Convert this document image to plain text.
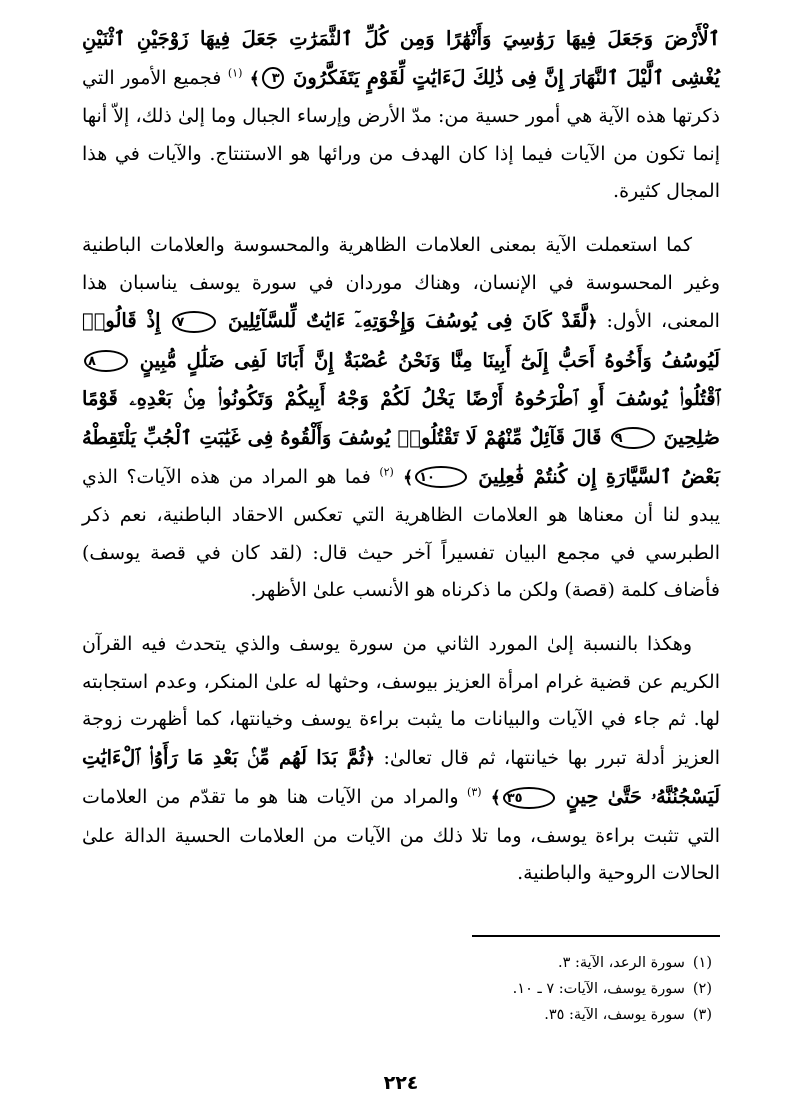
ٱلْأَرْضَ وَجَعَلَ فِيهَا رَوَٰسِيَ وَأَنْهَٰرًا وَمِن كُلِّ ٱلثَّمَرَٰتِ جَعَلَ فِيهَا زَوْجَيْنِ ٱثْنَيْنِ يُغْشِى ٱلَّيْلَ ٱلنَّهَارَ إِنَّ فِى ذَٰلِكَ لَءَايَٰتٍ لِّقَوْمٍ يَتَفَكَّرُونَ ٣﴾ $^{(١)}$ فجميع الأمور التي ذكرتها هذه الآية هي أمور حسية من: مدّ الأرض وإرساء الجبال وما إلىٰ ذلك، إلاّ أنها إنما تكون من الآيات فيما إذا كان الهدف من ورائها هو الاستنتاج. والآيات في هذا المجال كثيرة.

كما استعملت الآية بمعنى العلامات الظاهرية والمحسوسة والعلامات الباطنية وغير المحسوسة في الإنسان، وهناك موردان في سورة يوسف يناسبان هذا المعنى، الأول: ﴿لَّقَدْ كَانَ فِى يُوسُفَ وَإِخْوَتِهِۦٓ ءَايَٰتٌ لِّلسَّآئِلِينَ ٧ إِذْ قَالُوا۟ لَيُوسُفُ وَأَخُوهُ أَحَبُّ إِلَىٰٓ أَبِينَا مِنَّا وَنَحْنُ عُصْبَةٌ إِنَّ أَبَانَا لَفِى ضَلَٰلٍ مُّبِينٍ ٨ ٱقْتُلُوا۟ يُوسُفَ أَوِ ٱطْرَحُوهُ أَرْضًا يَخْلُ لَكُمْ وَجْهُ أَبِيكُمْ وَتَكُونُوا۟ مِنۢ بَعْدِهِۦ قَوْمًا صَٰلِحِينَ ٩ قَالَ قَآئِلٌ مِّنْهُمْ لَا تَقْتُلُوا۟ يُوسُفَ وَأَلْقُوهُ فِى غَيَٰبَتِ ٱلْجُبِّ يَلْتَقِطْهُ بَعْضُ ٱلسَّيَّارَةِ إِن كُنتُمْ فَٰعِلِينَ ١٠﴾ $^{(٢)}$ فما هو المراد من هذه الآيات؟ الذي يبدو لنا أن معناها هو العلامات الظاهرية التي تعكس الاحقاد الباطنية، نعم ذكر الطبرسي في مجمع البيان تفسيراً آخر حيث قال: (لقد كان في قصة يوسف) فأضاف كلمة (قصة) ولكن ما ذكرناه هو الأنسب علىٰ الأظهر.

وهكذا بالنسبة إلىٰ المورد الثاني من سورة يوسف والذي يتحدث فيه القرآن الكريم عن قضية غرام امرأة العزيز بيوسف، وحثها له علىٰ المنكر، وعدم استجابته لها. ثم جاء في الآيات والبيانات ما يثبت براءة يوسف وخيانتها، كما أظهرت زوجة العزيز أدلة تبرر بها خيانتها، ثم قال تعالىٰ: ﴿ثُمَّ بَدَا لَهُم مِّنۢ بَعْدِ مَا رَأَوُا۟ ٱلْءَايَٰتِ لَيَسْجُنُنَّهُۥ حَتَّىٰ حِينٍ ٣٥﴾ $^{(٣)}$ والمراد من الآيات هنا هو ما تقدّم من العلامات التي تثبت براءة يوسف، وما تلا ذلك من الآيات من العلامات الحسية الدالة علىٰ الحالات الروحية والباطنية.

(١)سورة الرعد، الآية: ٣.
(٢)سورة يوسف، الآيات: ٧ ـ ١٠.
(٣)سورة يوسف، الآية: ٣٥.
٢٢٤
